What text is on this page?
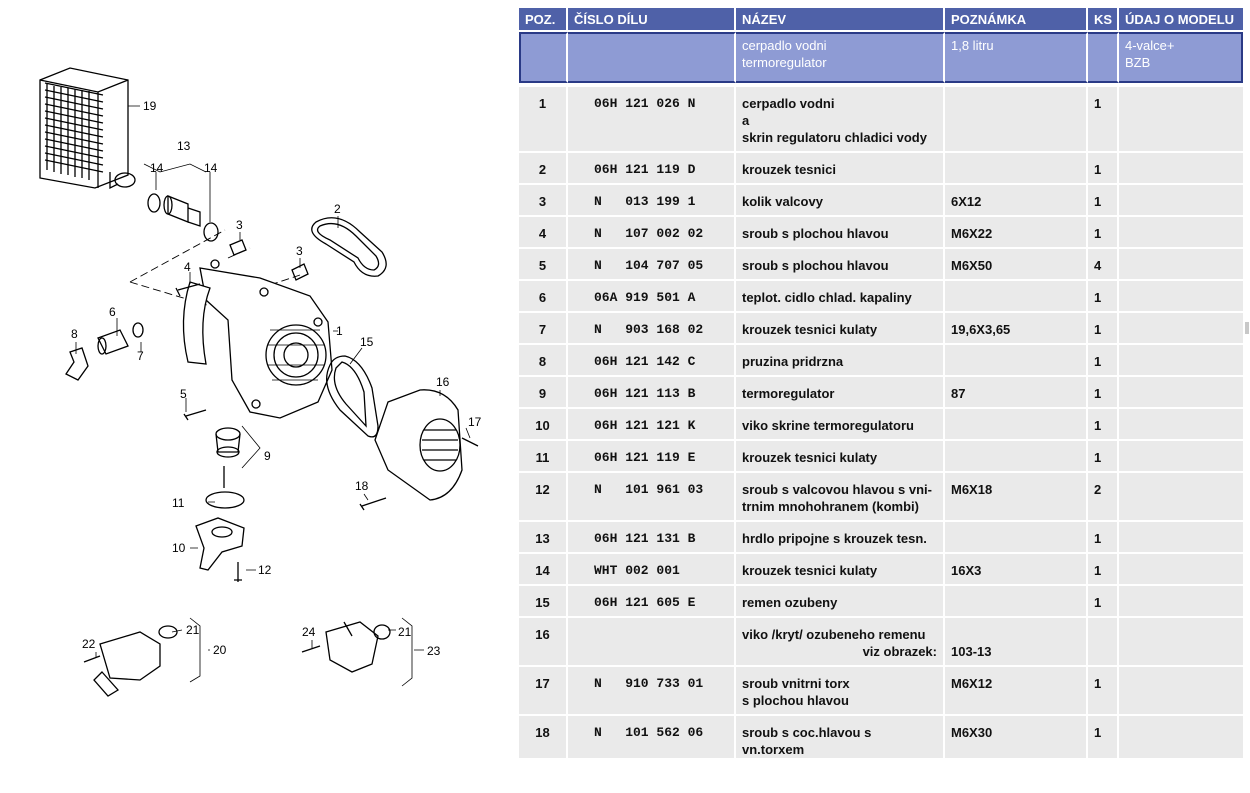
19
1
2
3
3
4
5
6
7
8
9
11
10
12
13
14	14
15
16
17
18
20
21
22
21
23
24
POZ.	ČÍSLO DÍLU	NÁZEV	POZNÁMKA	KS	ÚDAJ O MODELU

		cerpadlo vodni
termoregulator	1,8 litru		4-valce+
BZB

1	06H 121 026 N	cerpadlo vodni
a
skrin regulatoru chladici vody		1	
2	06H 121 119 D	krouzek tesnici		1	
3	N   013 199 1	kolik valcovy	6X12	1	
4	N   107 002 02	sroub s plochou hlavou	M6X22	1	
5	N   104 707 05	sroub s plochou hlavou	M6X50	4	
6	06A 919 501 A	teplot. cidlo chlad. kapaliny		1	
7	N   903 168 02	krouzek tesnici kulaty	19,6X3,65	1	
8	06H 121 142 C	pruzina pridrzna		1	
9	06H 121 113 B	termoregulator	87	1	
10	06H 121 121 K	viko skrine termoregulatoru		1	
11	06H 121 119 E	krouzek tesnici kulaty		1	
12	N   101 961 03	sroub s valcovou hlavou s vni-
trnim mnohohranem (kombi)	M6X18	2	
13	06H 121 131 B	hrdlo pripojne s krouzek tesn.		1	
14	WHT 002 001	krouzek tesnici kulaty	16X3	1	
15	06H 121 605 E	remen ozubeny		1	
16		viko /kryt/ ozubeneho remenu
viz obrazek:	103-13		
17	N   910 733 01	sroub vnitrni torx
s plochou hlavou	M6X12	1	
18	N   101 562 06	sroub s coc.hlavou s vn.torxem	M6X30	1	
